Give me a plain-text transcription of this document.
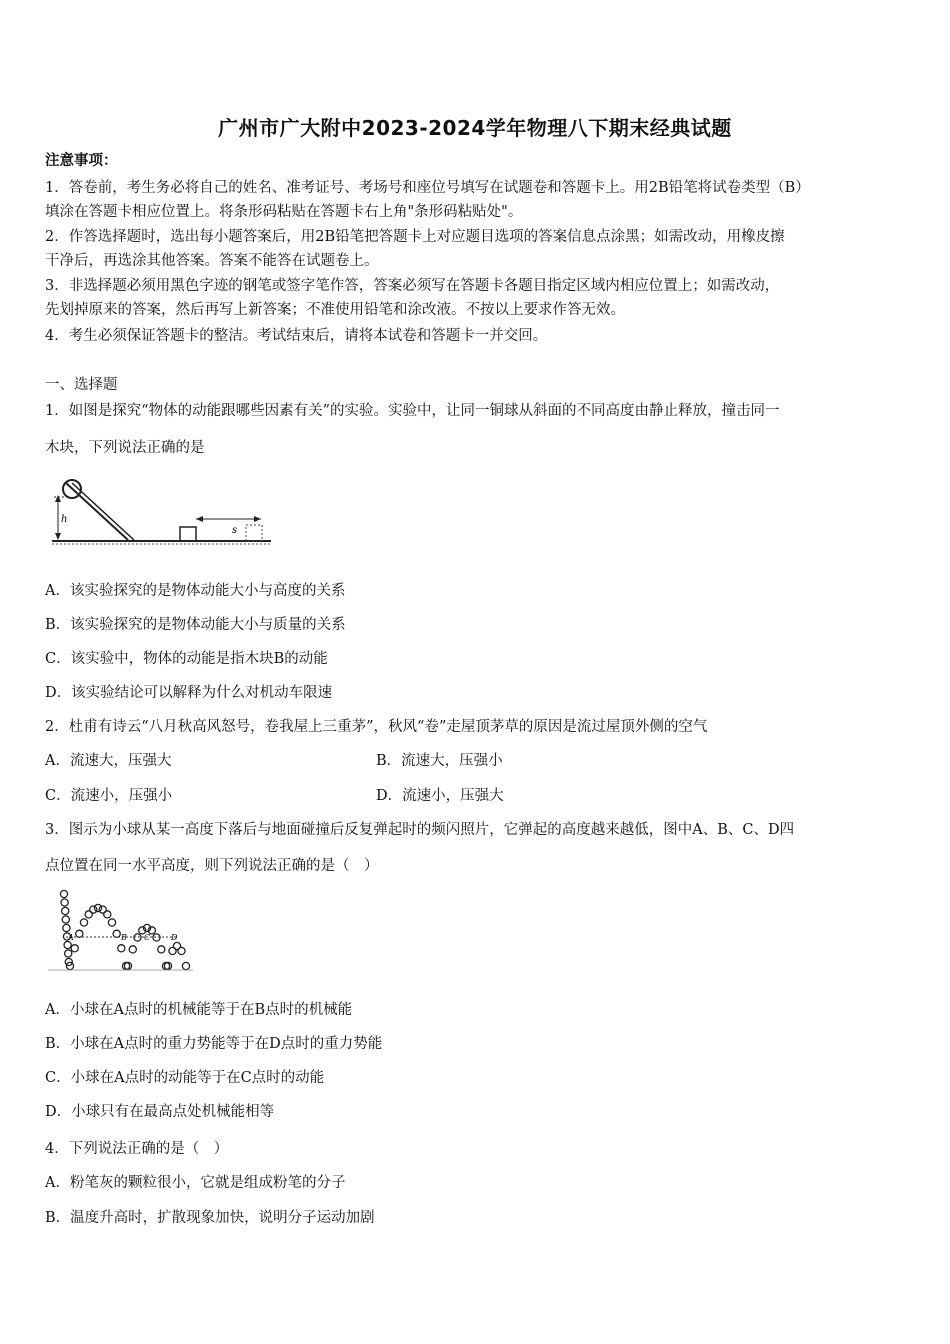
广州市广大附中2023-2024学年物理八下期末经典试题
注意事项：
1．答卷前，考生务必将自己的姓名、准考证号、考场号和座位号填写在试题卷和答题卡上。用2B铅笔将试卷类型（B）
填涂在答题卡相应位置上。将条形码粘贴在答题卡右上角"条形码粘贴处"。
2．作答选择题时，选出每小题答案后，用2B铅笔把答题卡上对应题目选项的答案信息点涂黑；如需改动，用橡皮擦
干净后，再选涂其他答案。答案不能答在试题卷上。
3．非选择题必须用黑色字迹的钢笔或签字笔作答，答案必须写在答题卡各题目指定区域内相应位置上；如需改动，
先划掉原来的答案，然后再写上新答案；不准使用铅笔和涂改液。不按以上要求作答无效。
4．考生必须保证答题卡的整洁。考试结束后，请将本试卷和答题卡一并交回。
一、选择题
1．如图是探究“物体的动能跟哪些因素有关”的实验。实验中，让同一铜球从斜面的不同高度由静止释放，撞击同一
木块，下列说法正确的是
h
s
A．该实验探究的是物体动能大小与高度的关系
B．该实验探究的是物体动能大小与质量的关系
C．该实验中，物体的动能是指木块B的动能
D．该实验结论可以解释为什么对机动车限速
2．杜甫有诗云“八月秋高风怒号，卷我屋上三重茅”，秋风“卷”走屋顶茅草的原因是流过屋顶外侧的空气
A．流速大，压强大	B．流速大，压强小
C．流速小，压强小	D．流速小，压强大
3．图示为小球从某一高度下落后与地面碰撞后反复弹起时的频闪照片，它弹起的高度越来越低，图中A、B、C、D四
点位置在同一水平高度，则下列说法正确的是（　）
A	B C	D
A．小球在A点时的机械能等于在B点时的机械能
B．小球在A点时的重力势能等于在D点时的重力势能
C．小球在A点时的动能等于在C点时的动能
D．小球只有在最高点处机械能相等
4．下列说法正确的是（　）
A．粉笔灰的颗粒很小，它就是组成粉笔的分子
B．温度升高时，扩散现象加快，说明分子运动加剧
